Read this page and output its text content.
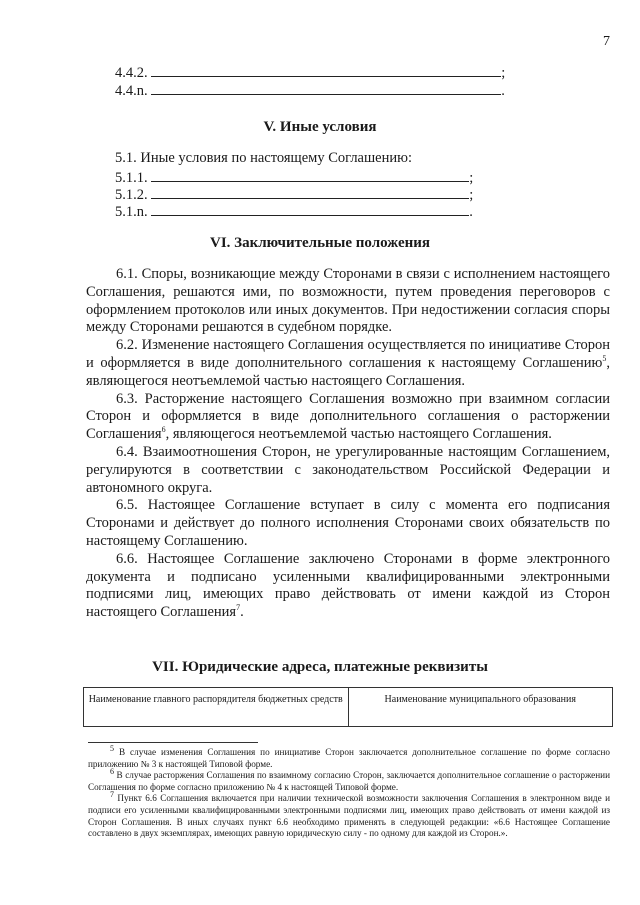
7
4.4.2.	;
4.4.n.	.
V. Иные условия
5.1. Иные условия по настоящему Соглашению:
5.1.1.	;
5.1.2.	;
5.1.n.	.
VI. Заключительные положения

6.1. Споры, возникающие между Сторонами в связи с исполнением настоящего Соглашения, решаются ими, по возможности, путем проведения переговоров с оформлением протоколов или иных документов. При недостижении согласия споры между Сторонами решаются в судебном порядке.

6.2. Изменение настоящего Соглашения осуществляется по инициативе Сторон и оформляется в виде дополнительного соглашения к настоящему Соглашению$^5$, являющегося неотъемлемой частью настоящего Соглашения.

6.3. Расторжение настоящего Соглашения возможно при взаимном согласии Сторон и оформляется в виде дополнительного соглашения о расторжении Соглашения$^6$, являющегося неотъемлемой частью настоящего Соглашения.

6.4. Взаимоотношения Сторон, не урегулированные настоящим Соглашением, регулируются в соответствии с законодательством Российской Федерации и автономного округа.

6.5. Настоящее Соглашение вступает в силу с момента его подписания Сторонами и действует до полного исполнения Сторонами своих обязательств по настоящему Соглашению.

6.6. Настоящее Соглашение заключено Сторонами в форме электронного документа и подписано усиленными квалифицированными электронными подписями лиц, имеющих право действовать от имени каждой из Сторон настоящего Соглашения$^7$.

VII. Юридические адреса, платежные реквизиты
Наименование главного распорядителя бюджетных средств	Наименование муниципального образования

$^5$ В случае изменения Соглашения по инициативе Сторон заключается дополнительное соглашение по форме согласно приложению № 3 к настоящей Типовой форме.

$^6$ В случае расторжения Соглашения по взаимному согласию Сторон, заключается дополнительное соглашение о расторжении Соглашения по форме согласно приложению № 4 к настоящей Типовой форме.

$^7$ Пункт 6.6 Соглашения включается при наличии технической возможности заключения Соглашения в электронном виде и подписи его усиленными квалифицированными электронными подписями лиц, имеющих право действовать от имени каждой из Сторон Соглашения. В иных случаях пункт 6.6 необходимо применять в следующей редакции: «6.6 Настоящее Соглашение составлено в двух экземплярах, имеющих равную юридическую силу - по одному для каждой из Сторон.».
